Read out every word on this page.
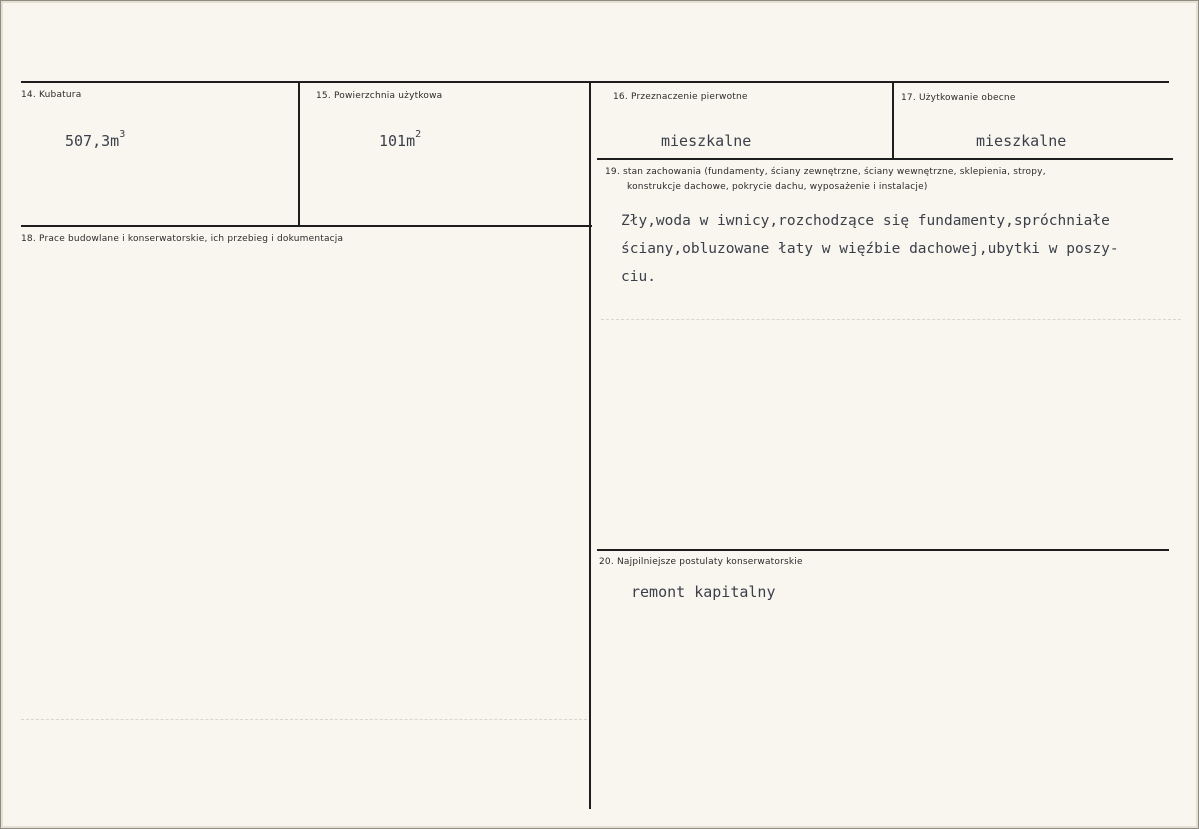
14. Kubatura
$507,3m^3$
15. Powierzchnia użytkowa
$101m^2$
16. Przeznaczenie pierwotne
mieszkalne
17. Użytkowanie obecne
mieszkalne
18. Prace budowlane i konserwatorskie, ich przebieg i dokumentacja
19. stan zachowania (fundamenty, ściany zewnętrzne, ściany wewnętrzne, sklepienia, stropy,
konstrukcje dachowe, pokrycie dachu, wyposażenie i instalacje)
Zły,woda w iwnicy,rozchodzące się fundamenty,spróchniałe
ściany,obluzowane łaty w więźbie dachowej,ubytki w poszy-
ciu.
20. Najpilniejsze postulaty konserwatorskie
remont kapitalny
